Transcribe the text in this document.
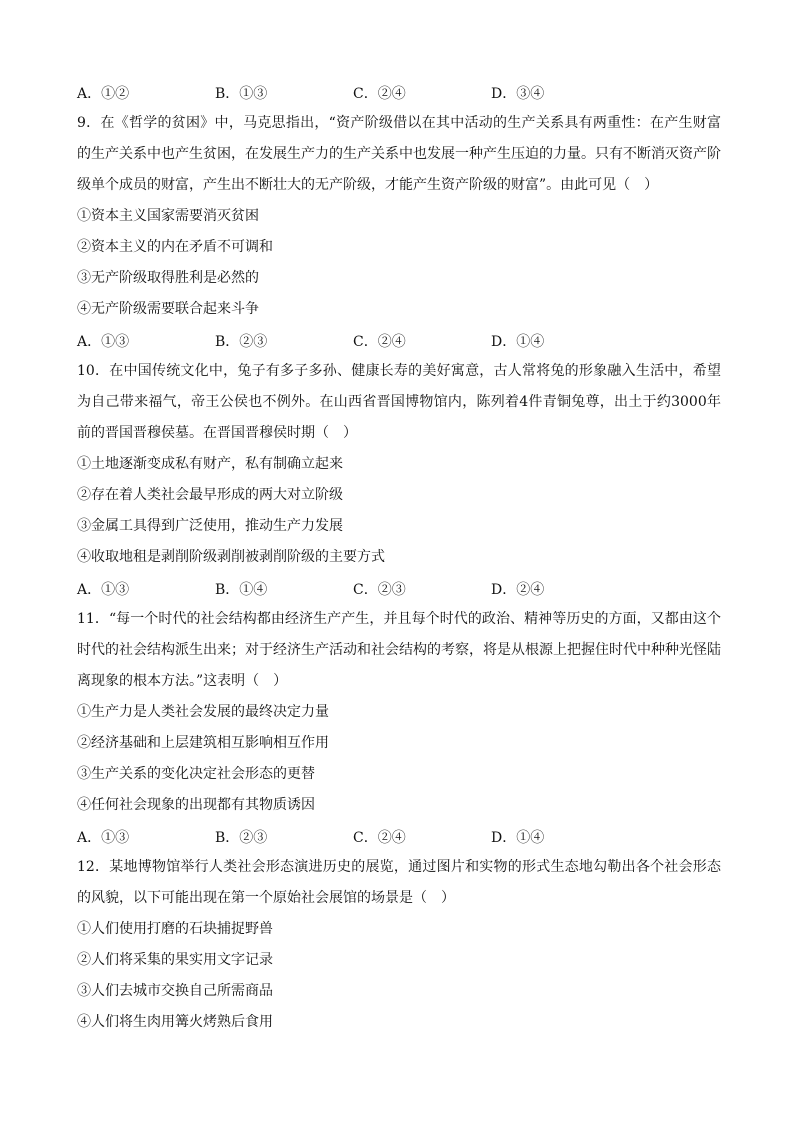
A．①②	B．①③	C．②④	D．③④

9．在《哲学的贫困》中，马克思指出，“资产阶级借以在其中活动的生产关系具有两重性：在产生财富的生产关系中也产生贫困，在发展生产力的生产关系中也发展一种产生压迫的力量。只有不断消灭资产阶级单个成员的财富，产生出不断壮大的无产阶级，才能产生资产阶级的财富”。由此可见（　）

①资本主义国家需要消灭贫困

②资本主义的内在矛盾不可调和

③无产阶级取得胜利是必然的

④无产阶级需要联合起来斗争

A．①③	B．②③	C．②④	D．①④

10．在中国传统文化中，兔子有多子多孙、健康长寿的美好寓意，古人常将兔的形象融入生活中，希望为自己带来福气，帝王公侯也不例外。在山西省晋国博物馆内，陈列着4件青铜兔尊，出土于约3000年前的晋国晋穆侯墓。在晋国晋穆侯时期（　）

①土地逐渐变成私有财产，私有制确立起来

②存在着人类社会最早形成的两大对立阶级

③金属工具得到广泛使用，推动生产力发展

④收取地租是剥削阶级剥削被剥削阶级的主要方式

A．①③	B．①④	C．②③	D．②④

11．“每一个时代的社会结构都由经济生产产生，并且每个时代的政治、精神等历史的方面，又都由这个时代的社会结构派生出来；对于经济生产活动和社会结构的考察，将是从根源上把握住时代中种种光怪陆离现象的根本方法。”这表明（　）

①生产力是人类社会发展的最终决定力量

②经济基础和上层建筑相互影响相互作用

③生产关系的变化决定社会形态的更替

④任何社会现象的出现都有其物质诱因

A．①③	B．②③	C．②④	D．①④

12．某地博物馆举行人类社会形态演进历史的展览，通过图片和实物的形式生态地勾勒出各个社会形态的风貌，以下可能出现在第一个原始社会展馆的场景是（　）

①人们使用打磨的石块捕捉野兽

②人们将采集的果实用文字记录

③人们去城市交换自己所需商品

④人们将生肉用篝火烤熟后食用
